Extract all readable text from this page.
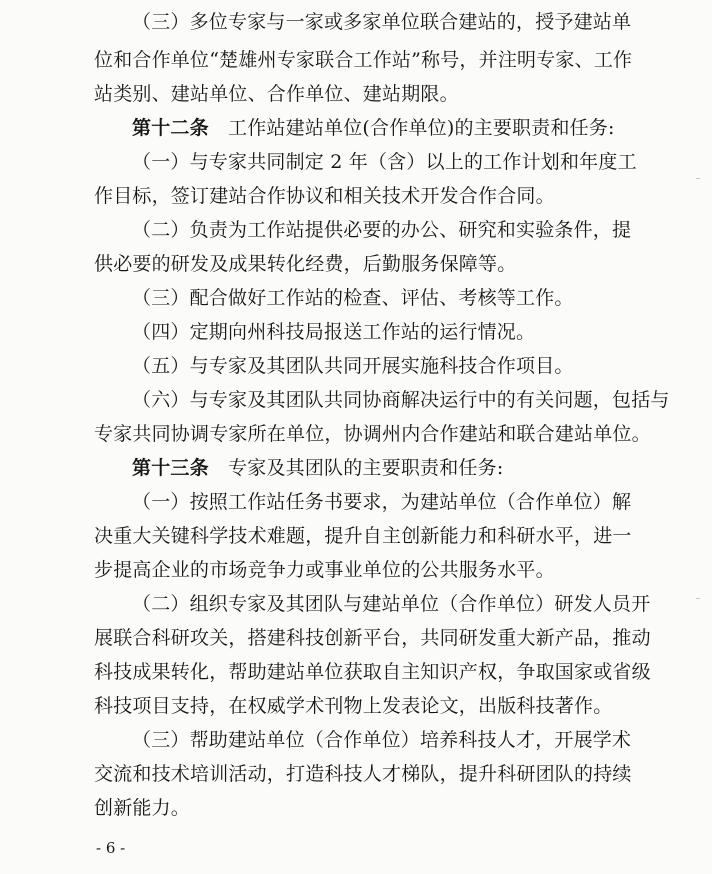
- 6 -
（三）多位专家与一家或多家单位联合建站的，授予建站单
位和合作单位“楚雄州专家联合工作站”称号，并注明专家、工作
站类别、建站单位、合作单位、建站期限。
第十二条 工作站建站单位(合作单位)的主要职责和任务:
（一）与专家共同制定 2 年（含）以上的工作计划和年度工
作目标，签订建站合作协议和相关技术开发合作合同。
（二）负责为工作站提供必要的办公、研究和实验条件，提
供必要的研发及成果转化经费，后勤服务保障等。
（三）配合做好工作站的检查、评估、考核等工作。
（四）定期向州科技局报送工作站的运行情况。
（五）与专家及其团队共同开展实施科技合作项目。
（六）与专家及其团队共同协商解决运行中的有关问题，包括与
专家共同协调专家所在单位，协调州内合作建站和联合建站单位。
第十三条 专家及其团队的主要职责和任务:
（一）按照工作站任务书要求，为建站单位（合作单位）解
决重大关键科学技术难题，提升自主创新能力和科研水平，进一
步提高企业的市场竞争力或事业单位的公共服务水平。
（二）组织专家及其团队与建站单位（合作单位）研发人员开
展联合科研攻关，搭建科技创新平台，共同研发重大新产品，推动
科技成果转化，帮助建站单位获取自主知识产权，争取国家或省级
科技项目支持，在权威学术刊物上发表论文，出版科技著作。
（三）帮助建站单位（合作单位）培养科技人才，开展学术
交流和技术培训活动，打造科技人才梯队，提升科研团队的持续
创新能力。
